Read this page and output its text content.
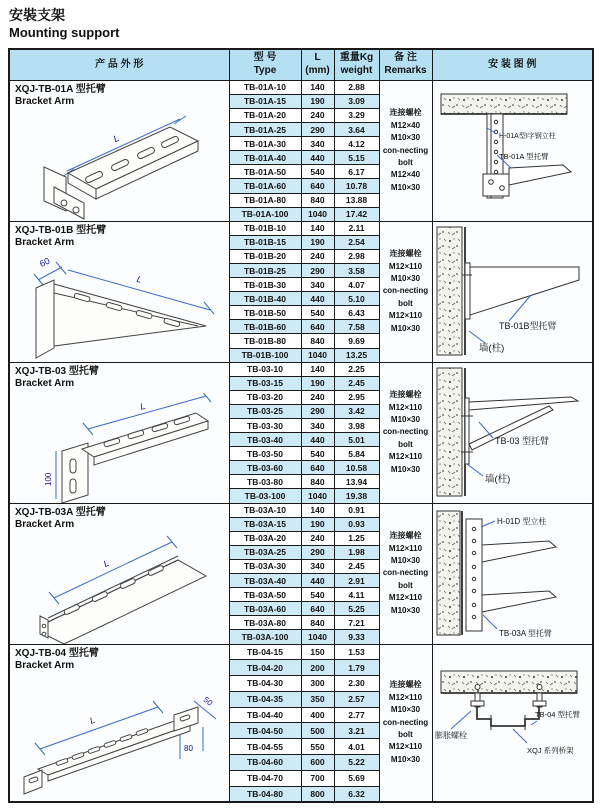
安裝支架
Mounting support
产 品 外 形

型 号
Type

L
(mm)

重量Kg
weight

备 注
Remarks

安 装 图 例

XQJ-TB-01A 型托臂
Bracket Arm
L
	TB-01A-10	140	2.88	
连接螺栓
M12×40
M10×30
con-necting
bolt
M12×40
M10×30

H-01A型I字钢立柱
TB-01A 型托臂

	TB-01A-15	190	3.09		
	TB-01A-20	240	3.29		
	TB-01A-25	290	3.64		
	TB-01A-30	340	4.12		
	TB-01A-40	440	5.15		
	TB-01A-50	540	6.17		
	TB-01A-60	640	10.78		
	TB-01A-80	840	13.88		
	TB-01A-100	1040	17.42		

XQJ-TB-01B 型托臂
Bracket Arm
60
L
	TB-01B-10	140	2.11	
连接螺栓
M12×110
M10×30
con-necting
bolt
M12×110
M10×30	TB-01B型托臂
墙(柱)

	TB-01B-15	190	2.54		
	TB-01B-20	240	2.98		
	TB-01B-25	290	3.58		
	TB-01B-30	340	4.07		
	TB-01B-40	440	5.10		
	TB-01B-50	540	6.43		
	TB-01B-60	640	7.58		
	TB-01B-80	840	9.69		
	TB-01B-100	1040	13.25		

XQJ-TB-03 型托臂
Bracket Arm
L
100
	TB-03-10	140	2.25	
连接螺栓
M12×110
M10×30
con-necting
bolt
M12×110
M10×30

TB-03 型托臂
墙(柱)

	TB-03-15	190	2.45		
	TB-03-20	240	2.95		
	TB-03-25	290	3.42		
	TB-03-30	340	3.98		
	TB-03-40	440	5.01		
	TB-03-50	540	5.84		
	TB-03-60	640	10.58		
	TB-03-80	840	13.94		
	TB-03-100	1040	19.38		

XQJ-TB-03A 型托臂
Bracket Arm
L
	TB-03A-10	140	0.91	
连接螺栓
M12×110
M10×30
con-necting
bolt
M12×110
M10×30

H-01D 型立柱
TB-03A 型托臂

	TB-03A-15	190	0.93		
	TB-03A-20	240	1.25		
	TB-03A-25	290	1.98		
	TB-03A-30	340	2.45		
	TB-03A-40	440	2.91		
	TB-03A-50	540	4.11		
	TB-03A-60	640	5.25		
	TB-03A-80	840	7.21		
	TB-03A-100	1040	9.33		

XQJ-TB-04 型托臂
Bracket Arm
L
50
80
	TB-04-15	150	1.53	
连接螺栓
M12×110
M10×30
con-necting
bolt
M12×110
M10×30

膨胀螺栓
TB-04 型托臂
XQJ 系列桥架

	TB-04-20	200	1.79		
	TB-04-30	300	2.30		
	TB-04-35	350	2.57		
	TB-04-40	400	2.77		
	TB-04-50	500	3.21		
	TB-04-55	550	4.01		
	TB-04-60	600	5.22		
	TB-04-70	700	5.69		
	TB-04-80	800	6.32		
